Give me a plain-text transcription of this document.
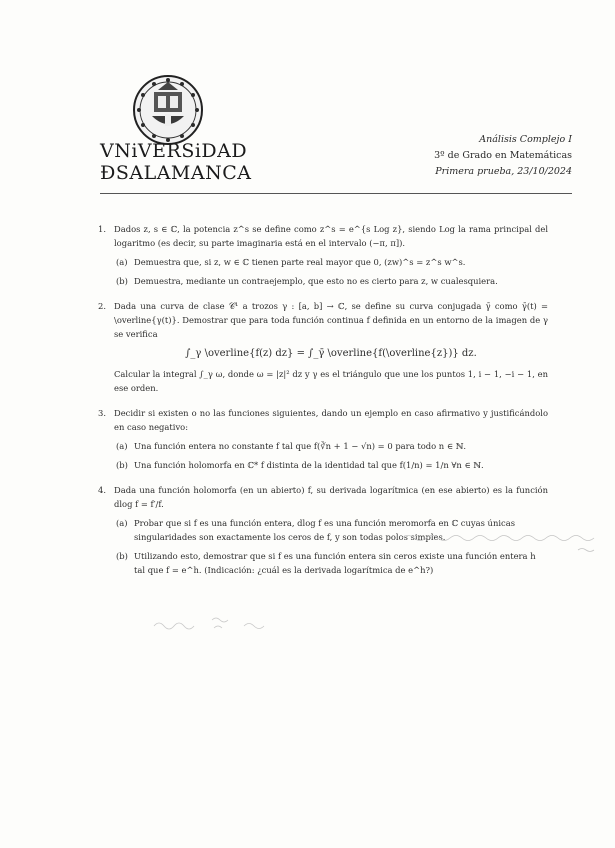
VNiVERSiDAD
ÐSALAMANCA
Análisis Complejo I
3º de Grado en Matemáticas
Primera prueba, 23/10/2024
1. Dados z, s ∈ ℂ, la potencia z^s se define como z^s = e^{s Log z}, siendo Log la rama principal del logaritmo (es decir, su parte imaginaria está en el intervalo (−π, π]).

(a) Demuestra que, si z, w ∈ ℂ tienen parte real mayor que 0, (zw)^s = z^s w^s.
(b) Demuestra, mediante un contraejemplo, que esto no es cierto para z, w cualesquiera.
2. Dada una curva de clase 𝒞¹ a trozos γ : [a, b] → ℂ, se define su curva conjugada γ̄ como γ̄(t) = \overline{γ(t)}. Demostrar que para toda función continua f definida en un entorno de la imagen de γ se verifica

∫_γ \overline{f(z) dz} = ∫_γ̄ \overline{f(\overline{z})} dz.

Calcular la integral ∫_γ ω, donde ω = |z|² dz y γ es el triángulo que une los puntos 1, i − 1, −i − 1, en ese orden.

3. Decidir si existen o no las funciones siguientes, dando un ejemplo en caso afirmativo y justificándolo en caso negativo:

(a) Una función entera no constante f tal que f(∛n + 1 − √n) = 0 para todo n ∈ ℕ.
(b) Una función holomorfa en ℂ* f distinta de la identidad tal que f(1/n) = 1/n ∀n ∈ ℕ.
4. Dada una función holomorfa (en un abierto) f, su derivada logarítmica (en ese abierto) es la función dlog f = f′/f.

(a) Probar que si f es una función entera, dlog f es una función meromorfa en ℂ cuyas únicas singularidades son exactamente los ceros de f, y son todas polos simples.
(b) Utilizando esto, demostrar que si f es una función entera sin ceros existe una función entera h tal que f = e^h. (Indicación: ¿cuál es la derivada logarítmica de e^h?)
